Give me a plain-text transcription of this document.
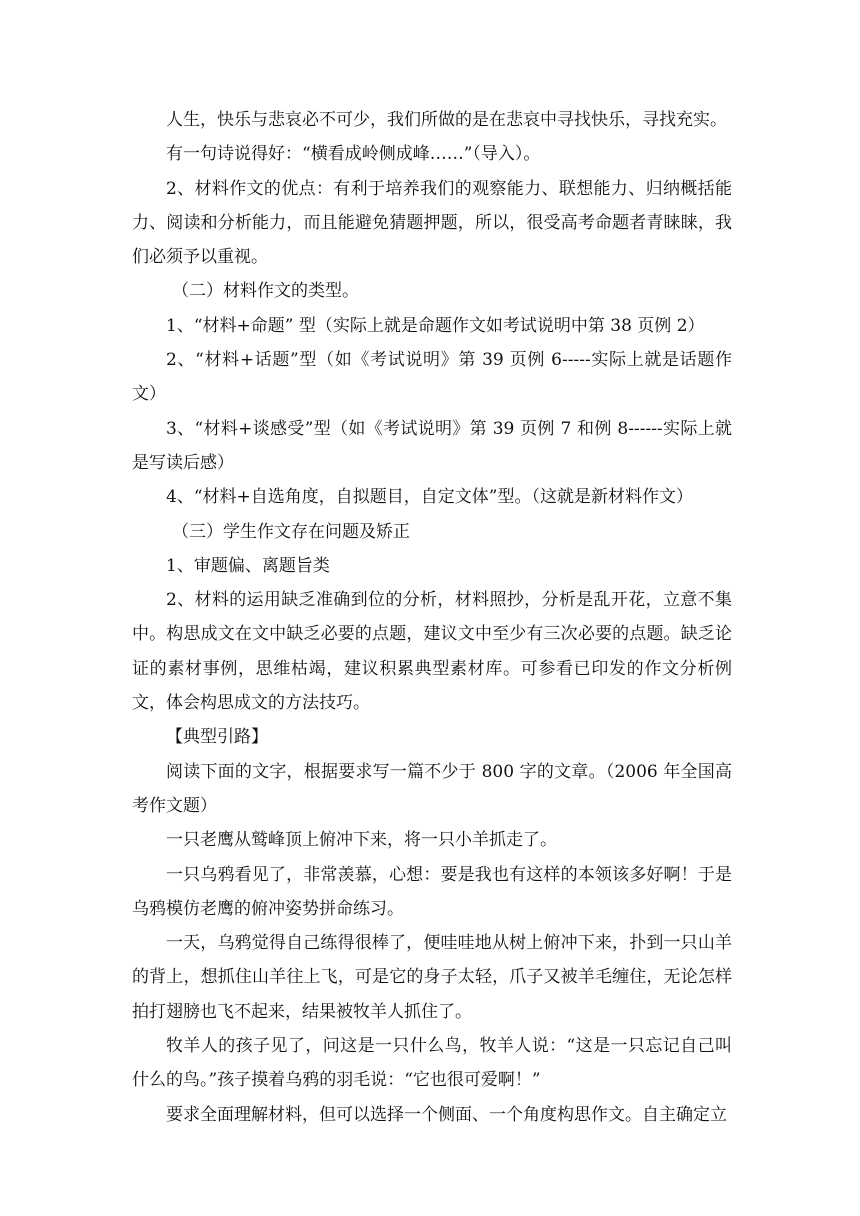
人生，快乐与悲哀必不可少，我们所做的是在悲哀中寻找快乐，寻找充实。

有一句诗说得好：“横看成岭侧成峰……”（导入）。

2、材料作文的优点：有利于培养我们的观察能力、联想能力、归纳概括能力、阅读和分析能力，而且能避免猜题押题，所以，很受高考命题者青睐睐，我们必须予以重视。

（二）材料作文的类型。

1、“材料+命题” 型（实际上就是命题作文如考试说明中第 38 页例 2）

2、“材料+话题”型（如《考试说明》第 39 页例 6-----实际上就是话题作文）

3、“材料+谈感受”型（如《考试说明》第 39 页例 7 和例 8------实际上就是写读后感）

4、“材料+自选角度，自拟题目，自定文体”型。（这就是新材料作文）

（三）学生作文存在问题及矫正

1、审题偏、离题旨类

2、材料的运用缺乏准确到位的分析，材料照抄，分析是乱开花，立意不集中。构思成文在文中缺乏必要的点题，建议文中至少有三次必要的点题。缺乏论证的素材事例，思维枯竭，建议积累典型素材库。可参看已印发的作文分析例文，体会构思成文的方法技巧。

【典型引路】

阅读下面的文字，根据要求写一篇不少于 800 字的文章。（2006 年全国高考作文题）

一只老鹰从鹫峰顶上俯冲下来，将一只小羊抓走了。

一只乌鸦看见了，非常羡慕，心想：要是我也有这样的本领该多好啊！于是乌鸦模仿老鹰的俯冲姿势拼命练习。

一天，乌鸦觉得自己练得很棒了，便哇哇地从树上俯冲下来，扑到一只山羊的背上，想抓住山羊往上飞，可是它的身子太轻，爪子又被羊毛缠住，无论怎样拍打翅膀也飞不起来，结果被牧羊人抓住了。

牧羊人的孩子见了，问这是一只什么鸟，牧羊人说：“这是一只忘记自己叫什么的鸟。”孩子摸着乌鸦的羽毛说：“它也很可爱啊！”

要求全面理解材料，但可以选择一个侧面、一个角度构思作文。自主确定立
